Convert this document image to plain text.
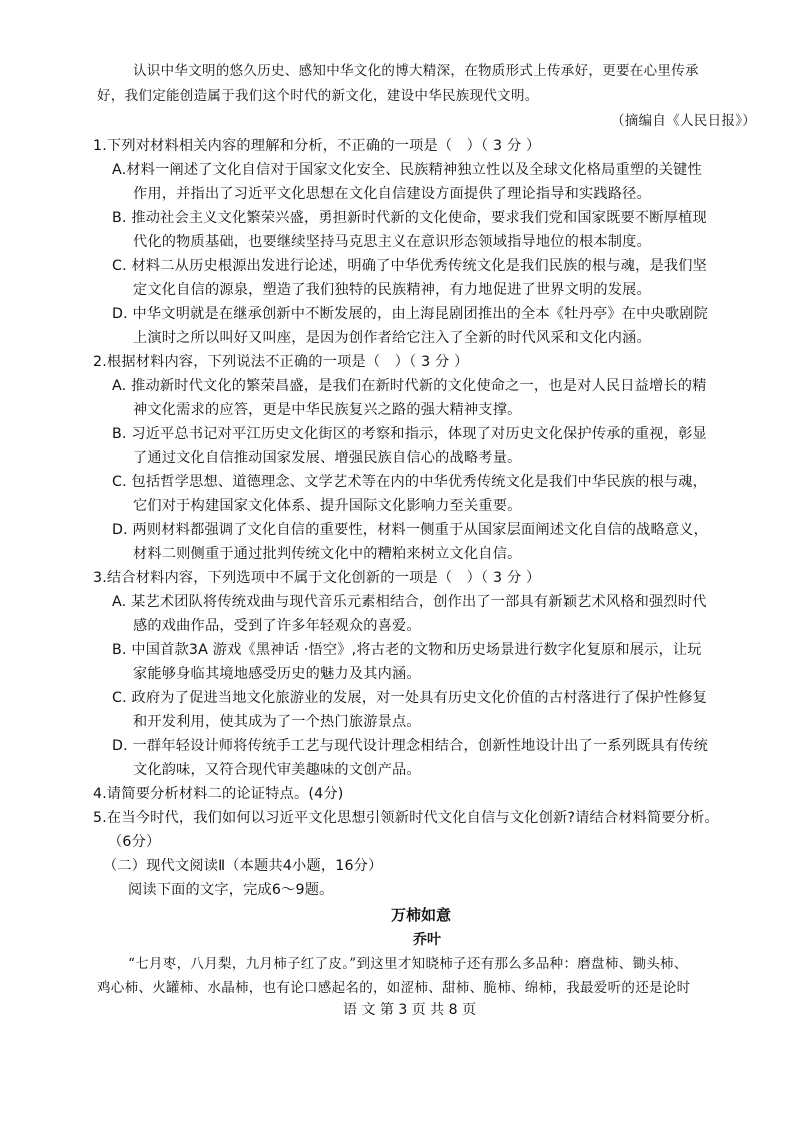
认识中华文明的悠久历史、感知中华文化的博大精深，在物质形式上传承好，更要在心里传承
好，我们定能创造属于我们这个时代的新文化，建设中华民族现代文明。
（摘编自《人民日报》）
1.下列对材料相关内容的理解和分析，不正确的一项是（　）（ 3 分 ）
A.材料一阐述了文化自信对于国家文化安全、民族精神独立性以及全球文化格局重塑的关键性
作用，并指出了习近平文化思想在文化自信建设方面提供了理论指导和实践路径。
B. 推动社会主义文化繁荣兴盛，勇担新时代新的文化使命，要求我们党和国家既要不断厚植现
代化的物质基础，也要继续坚持马克思主义在意识形态领域指导地位的根本制度。
C. 材料二从历史根源出发进行论述，明确了中华优秀传统文化是我们民族的根与魂，是我们坚
定文化自信的源泉，塑造了我们独特的民族精神，有力地促进了世界文明的发展。
D. 中华文明就是在继承创新中不断发展的，由上海昆剧团推出的全本《牡丹亭》在中央歌剧院
上演时之所以叫好又叫座，是因为创作者给它注入了全新的时代风采和文化内涵。
2.根据材料内容，下列说法不正确的一项是（　）（ 3 分 ）
A. 推动新时代文化的繁荣昌盛，是我们在新时代新的文化使命之一，也是对人民日益增长的精
神文化需求的应答，更是中华民族复兴之路的强大精神支撑。
B. 习近平总书记对平江历史文化街区的考察和指示，体现了对历史文化保护传承的重视，彰显
了通过文化自信推动国家发展、增强民族自信心的战略考量。
C. 包括哲学思想、道德理念、文学艺术等在内的中华优秀传统文化是我们中华民族的根与魂，
它们对于构建国家文化体系、提升国际文化影响力至关重要。
D. 两则材料都强调了文化自信的重要性，材料一侧重于从国家层面阐述文化自信的战略意义，
材料二则侧重于通过批判传统文化中的糟粕来树立文化自信。
3.结合材料内容，下列选项中不属于文化创新的一项是（　）（ 3 分 ）
A. 某艺术团队将传统戏曲与现代音乐元素相结合，创作出了一部具有新颖艺术风格和强烈时代
感的戏曲作品，受到了许多年轻观众的喜爱。
B. 中国首款3A 游戏《黑神话 ·悟空》,将古老的文物和历史场景进行数字化复原和展示，让玩
家能够身临其境地感受历史的魅力及其内涵。
C. 政府为了促进当地文化旅游业的发展，对一处具有历史文化价值的古村落进行了保护性修复
和开发利用，使其成为了一个热门旅游景点。
D. 一群年轻设计师将传统手工艺与现代设计理念相结合，创新性地设计出了一系列既具有传统
文化韵味，又符合现代审美趣味的文创产品。
4.请简要分析材料二的论证特点。(4分)
5.在当今时代，我们如何以习近平文化思想引领新时代文化自信与文化创新?请结合材料简要分析。
（6分）
（二）现代文阅读Ⅱ（本题共4小题，16分）
阅读下面的文字，完成6～9题。
万柿如意
乔叶
“七月枣，八月梨，九月柿子红了皮。”到这里才知晓柿子还有那么多品种：磨盘柿、锄头柿、
鸡心柿、火罐柿、水晶柿，也有论口感起名的，如涩柿、甜柿、脆柿、绵柿，我最爱听的还是论时
语 文 第 3 页 共 8 页
